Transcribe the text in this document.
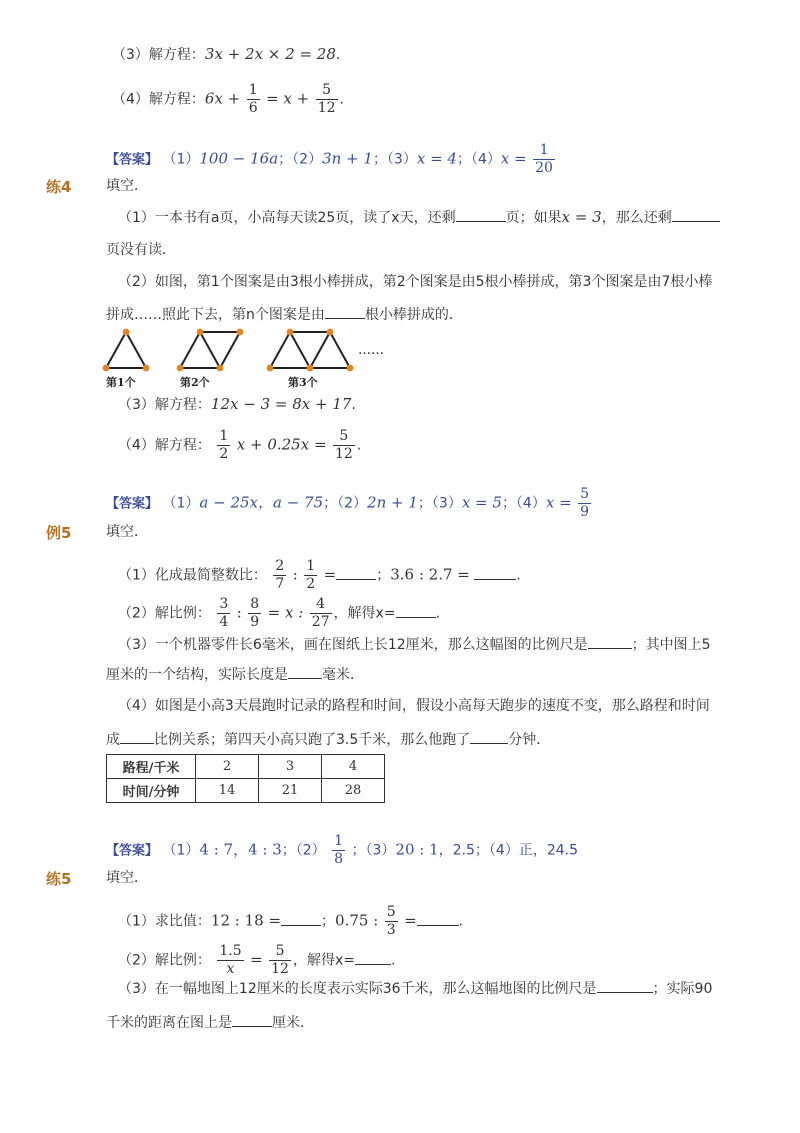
（3）解方程：3x + 2x × 2 = 28.
（4）解方程：$6x + \frac{1}{6} = x + \frac{5}{12}$ .
【答案】 （1）100 − 16a；（2）3n + 1；（3）x = 4；$(4)x = \frac{1}{20}$
练4 填空．
（1）一本书有a页，小高每天读25页，读了x天，还剩	页；如果x = 3，那么还剩
页没有读．
（2）如图，第1个图案是由3根小棒拼成，第2个图案是由5根小棒拼成，第3个图案是由7根小棒
拼成……照此下去，第n个图案是由	根小棒拼成的．
第1个	第2个	第3个
……
（3）解方程：12x − 3 = 8x + 17.
（4）解方程： $\frac{1}{2}$ $x + 0.25x = \frac{5}{12}$ .
【答案】 （1）a − 25x，a − 75；（2）2n + 1；（3）x = 5；$(4)x = \frac{5}{9}$
例5 填空．
（1）化成最简整数比： $\frac{2}{7}$ : $\frac{1}{2}$ =	；3.6 : 2.7 =	.
（2）解比例： $\frac{3}{4}$ : $\frac{8}{9} = x$ : $\frac{4}{27}$ ，解得x=	.
（3）一个机器零件长6毫米，画在图纸上长12厘米，那么这幅图的比例尺是	；其中图上5
厘米的一个结构，实际长度是 毫米．
（4）如图是小高3天晨跑时记录的路程和时间，假设小高每天跑步的速度不变，那么路程和时间
成 比例关系；第四天小高只跑了3.5千米，那么他跑了	分钟．
路程/千米	2	3	4
时间/分钟	14	21	28
【答案】 （1）4 : 7，4 : 3；$(2) \frac{1}{8}$ ；（3）20 : 1，2.5；（4）正，24.5
练5 填空．
（1）求比值：12 : 18 =	；0.75 : $\frac{5}{3}$ =	.
（2）解比例： $\frac{1.5}{x} = \frac{5}{12}$ ，解得x=	.
（3）在一幅地图上12厘米的长度表示实际36千米，那么这幅地图的比例尺是	；实际90
千米的距离在图上是	厘米．
